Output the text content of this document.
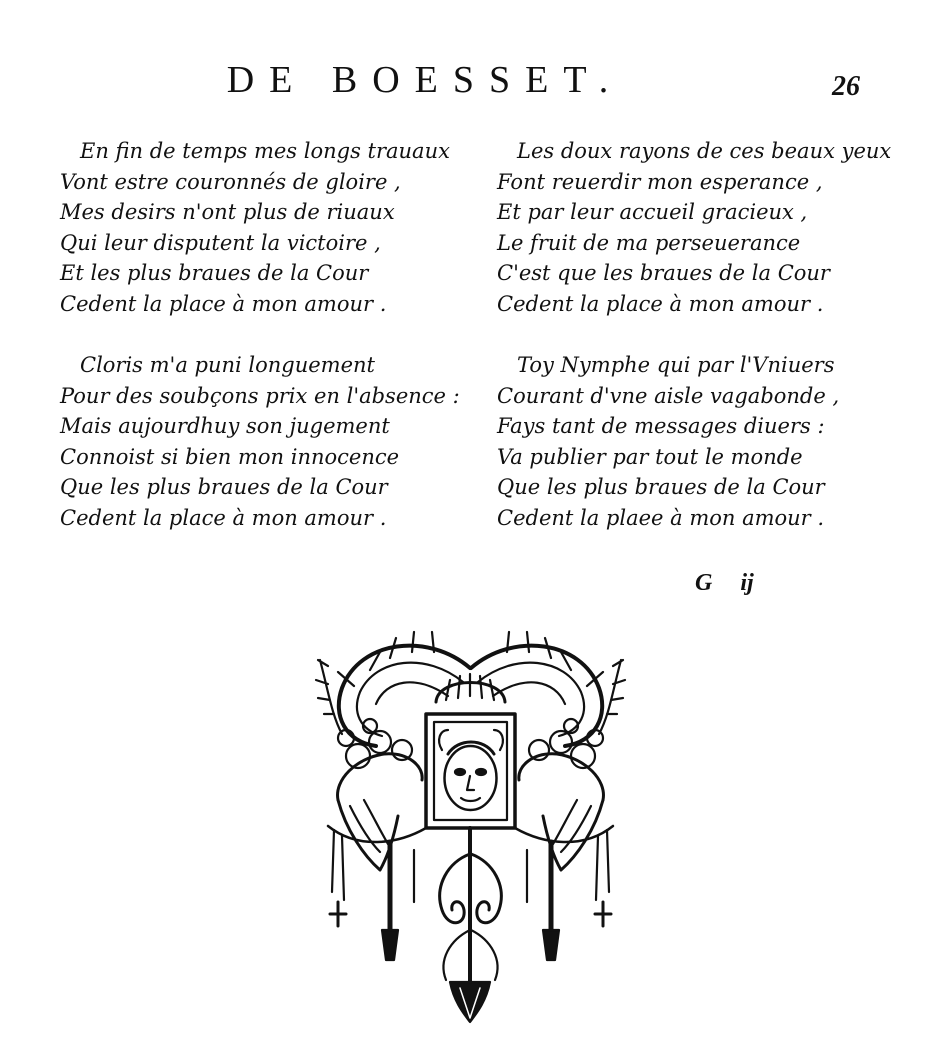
DE BOESSET.	26
En fin de temps mes longs trauaux
Vont estre couronnés de gloire ,
Mes desirs n'ont plus de riuaux
Qui leur disputent la victoire ,
Et les plus braues de la Cour
Cedent la place à mon amour .
Les doux rayons de ces beaux yeux
Font reuerdir mon esperance ,
Et par leur accueil gracieux ,
Le fruit de ma perseuerance
C'est que les braues de la Cour
Cedent la place à mon amour .
Cloris m'a puni longuement
Pour des soubçons prix en l'absence :
Mais aujourdhuy son jugement
Connoist si bien mon innocence
Que les plus braues de la Cour
Cedent la place à mon amour .
Toy Nymphe qui par l'Vniuers
Courant d'vne aisle vagabonde ,
Fays tant de messages diuers :
Va publier par tout le monde
Que les plus braues de la Cour
Cedent la plaee à mon amour .
G ij
